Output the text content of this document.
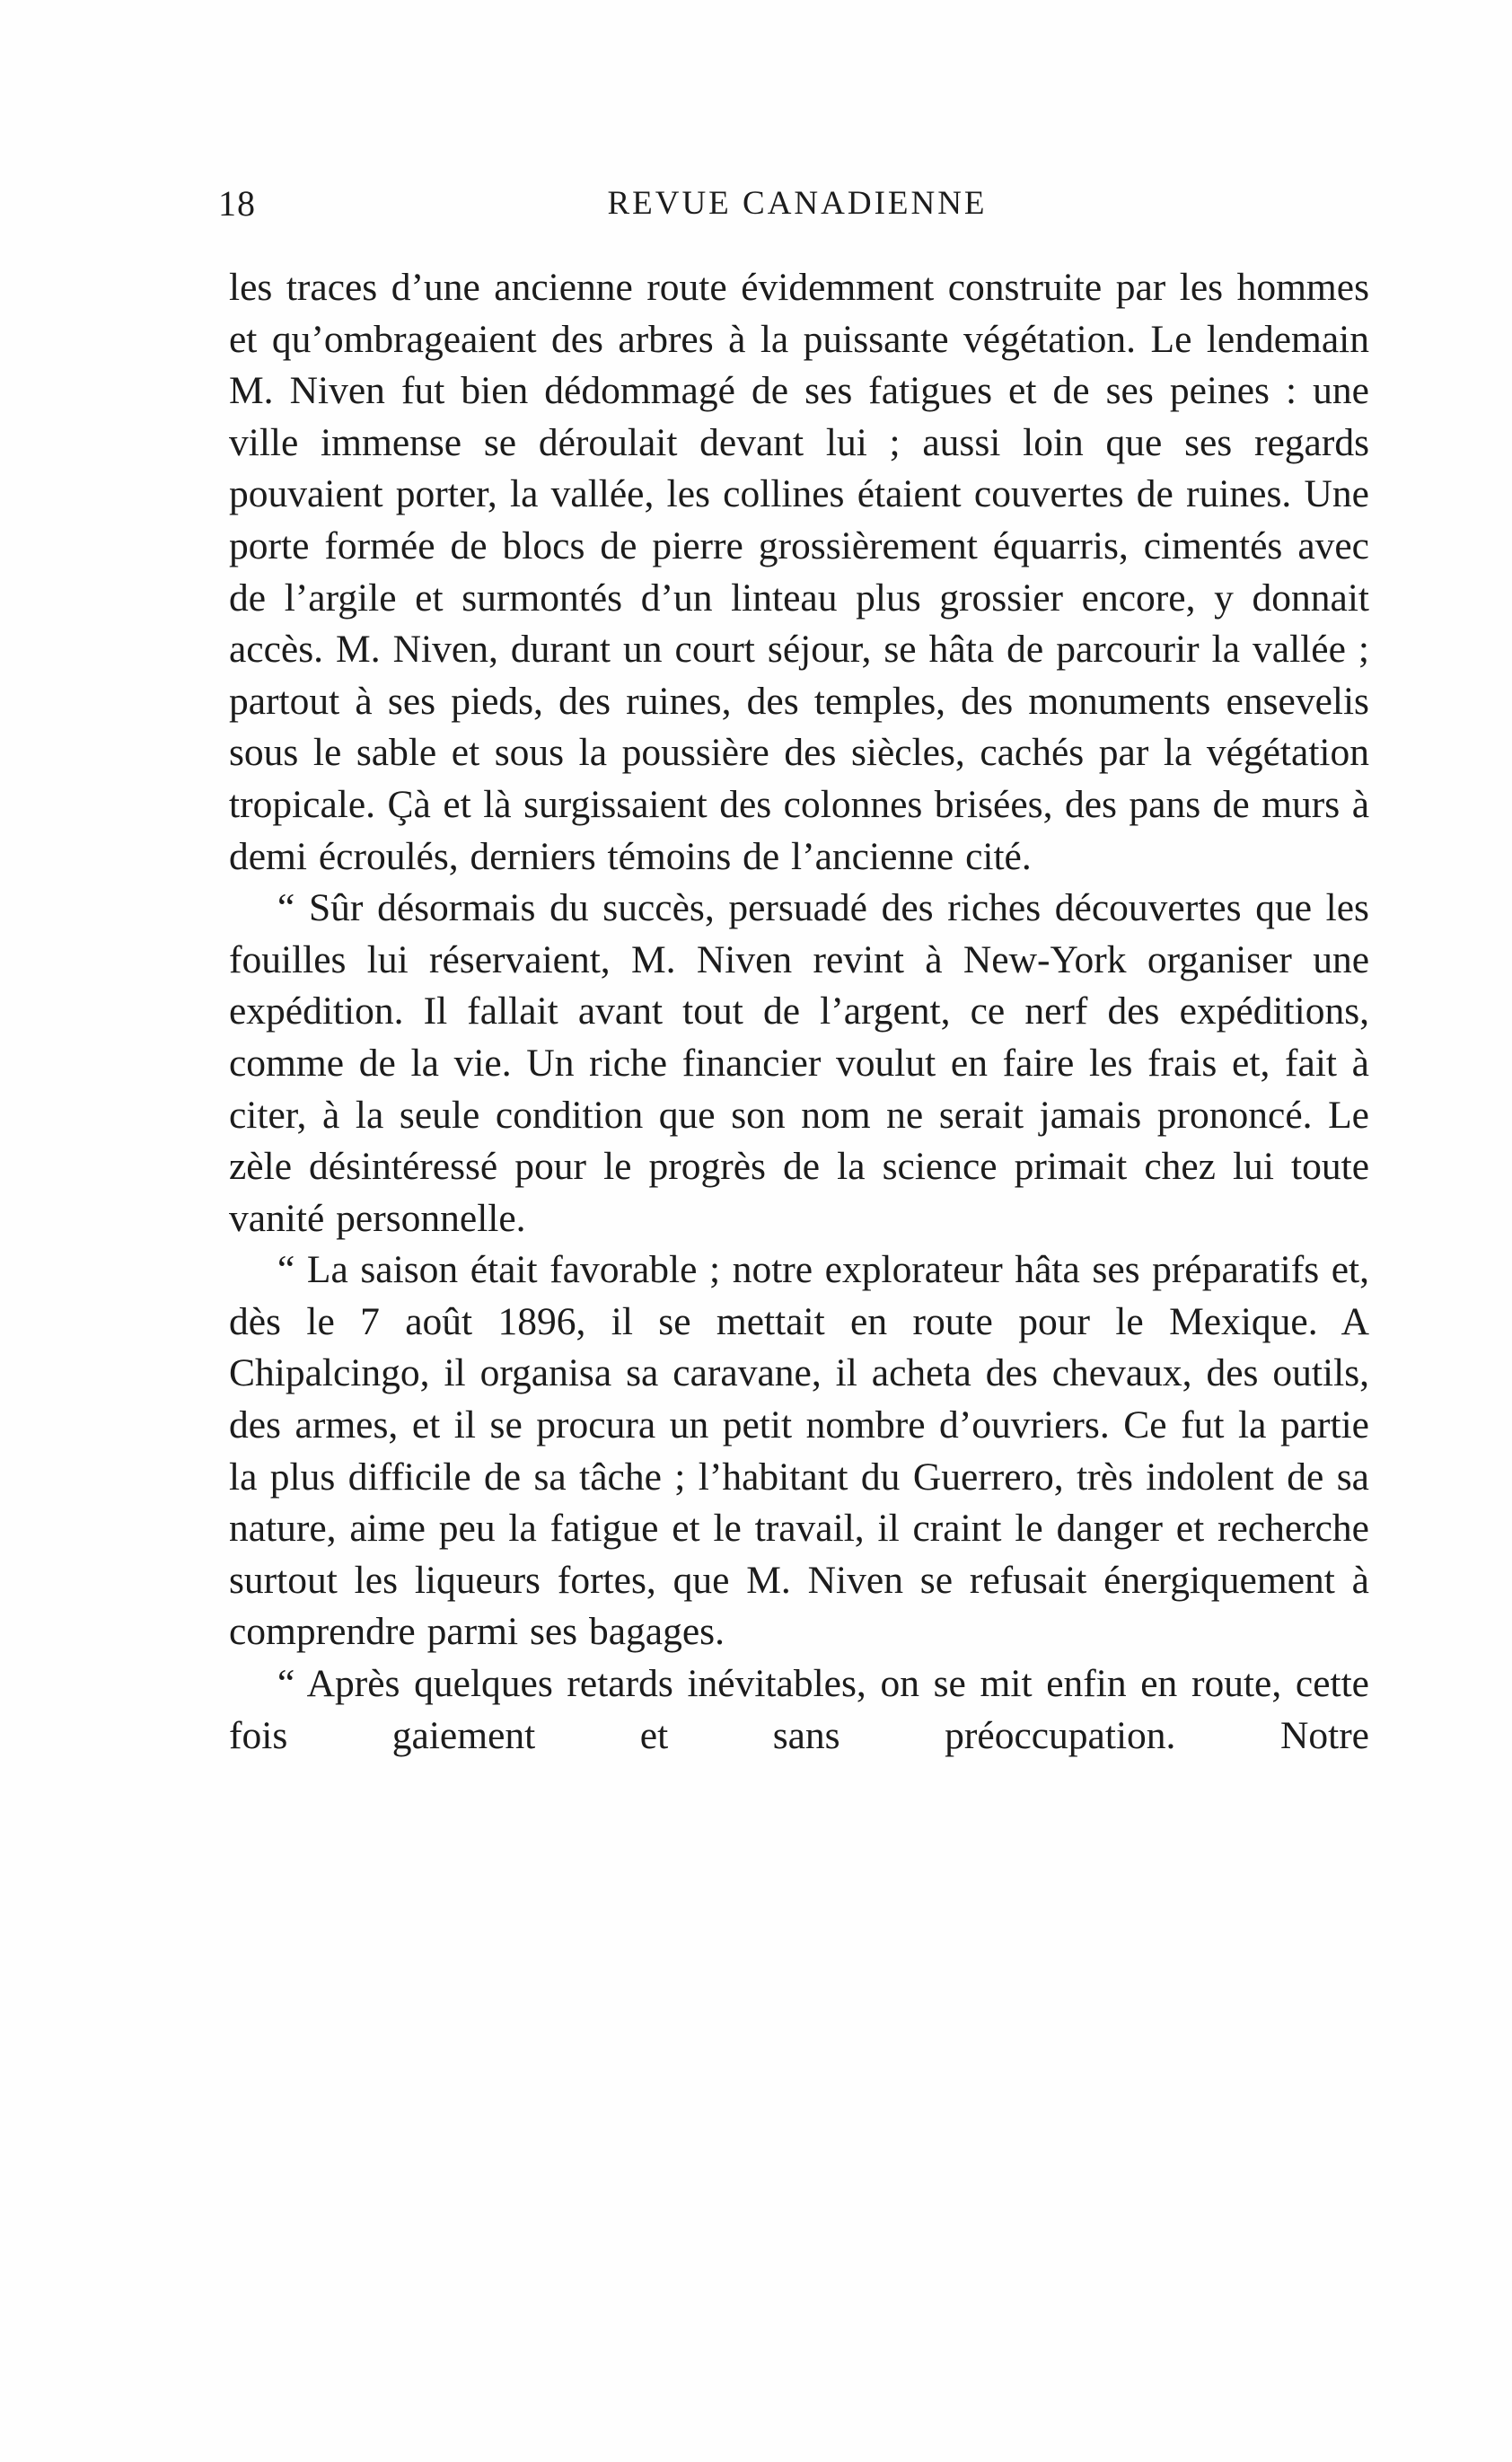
18	REVUE CANADIENNE

les traces d’une ancienne route évidemment construite par les hommes et qu’ombrageaient des arbres à la puissante végétation. Le lendemain M. Niven fut bien dédommagé de ses fatigues et de ses peines : une ville immense se déroulait devant lui ; aussi loin que ses regards pouvaient porter, la vallée, les collines étaient couvertes de ruines. Une porte formée de blocs de pierre grossièrement équarris, cimentés avec de l’argile et surmontés d’un linteau plus grossier encore, y donnait accès. M. Niven, durant un court séjour, se hâta de parcourir la vallée ; partout à ses pieds, des ruines, des temples, des monuments ensevelis sous le sable et sous la poussière des siècles, cachés par la végétation tropicale. Çà et là surgissaient des colonnes brisées, des pans de murs à demi écroulés, derniers témoins de l’ancienne cité.

“ Sûr désormais du succès, persuadé des riches découvertes que les fouilles lui réservaient, M. Niven revint à New-York organiser une expédition. Il fallait avant tout de l’argent, ce nerf des expéditions, comme de la vie. Un riche financier voulut en faire les frais et, fait à citer, à la seule condition que son nom ne serait jamais prononcé. Le zèle désintéressé pour le progrès de la science primait chez lui toute vanité personnelle.

“ La saison était favorable ; notre explorateur hâta ses préparatifs et, dès le 7 août 1896, il se mettait en route pour le Mexique. A Chipalcingo, il organisa sa caravane, il acheta des chevaux, des outils, des armes, et il se procura un petit nombre d’ouvriers. Ce fut la partie la plus difficile de sa tâche ; l’habitant du Guerrero, très indolent de sa nature, aime peu la fatigue et le travail, il craint le danger et recherche surtout les liqueurs fortes, que M. Niven se refusait énergiquement à comprendre parmi ses bagages.

“ Après quelques retards inévitables, on se mit enfin en route, cette fois gaiement et sans préoccupation. Notre
